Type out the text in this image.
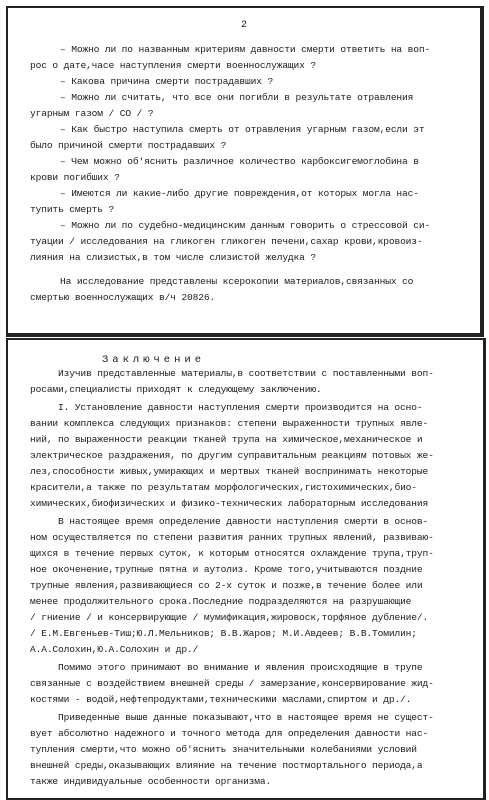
2
– Можно ли по названным критериям давности смерти ответить на воп-
рос о дате,часе наступления смерти военнослужащих ?
– Какова причина смерти пострадавших ?
– Можно ли считать, что все они погибли в результате отравления
угарным газом / СО / ?
– Как быстро наступила смерть от отравления угарным газом,если эт
было причиной смерти пострадавших ?
– Чем можно об'яснить различное количество карбоксигемоглобина в
крови погибших ?
– Имеются ли какие-либо другие повреждения,от которых могла нас-
тупить смерть ?
– Можно ли по судебно-медицинским данным говорить о стрессовой си-
туации / исследования на гликоген гликоген печени,сахар крови,кровоиз-
лияния на слизистых,в том числе слизистой желудка ?
На исследование представлены ксерокопии материалов,связанных со
смертью военнослужащих в/ч 20826.
Заключение
Изучив представленные материалы,в соответствии с поставленными воп-
росами,специалисты приходят к следующему заключению.
I. Установление давности наступления смерти производится на осно-
вании комплекса следующих признаков: степени выраженности трупных явле-
ний, по выраженности реакции тканей трупа на химическое,механическое и
электрическое раздражения, по другим суправитальным реакциям потовых же-
лез,способности живых,умирающих и мертвых тканей воспринимать некоторые
красители,а также по результатам морфологических,гистохимических,био-
химических,биофизических и физико-технических лабораторным исследования
В настоящее время определение давности наступления смерти в основ-
ном осуществляется по степени развития ранних трупных явлений, развиваю-
щихся в течение первых суток, к которым относятся охлаждение трупа,труп-
ное окоченение,трупные пятна и аутолиз. Кроме того,учитываются поздние
трупные явления,развивающиеся со 2-х суток и позже,в течение более или
менее продолжительного срока.Последние подразделяются на разрушающие
/ гниение / и консервирующие / мумификация,жировоск,торфяное дубление/.
/ Е.М.Евгеньев-Тиш;Ю.Л.Мельников; В.В.Жаров; М.И.Авдеев; В.В.Томилин;
А.А.Солохин,Ю.А.Солохин и др./
Помимо этого принимают во внимание и явления происходящие в трупе
связанные с воздействием внешней среды / замерзание,консервирование жид-
костями - водой,нефтепродуктами,техническими маслами,спиртом и др./.
Приведенные выше данные показывают,что в настоящее время не сущест-
вует абсолютно надежного и точного метода для определения давности нас-
тупления смерти,что можно об'яснить значительными колебаниями условий
внешней среды,оказывающих влияние на течение постмортального периода,а
также индивидуальные особенности организма.
